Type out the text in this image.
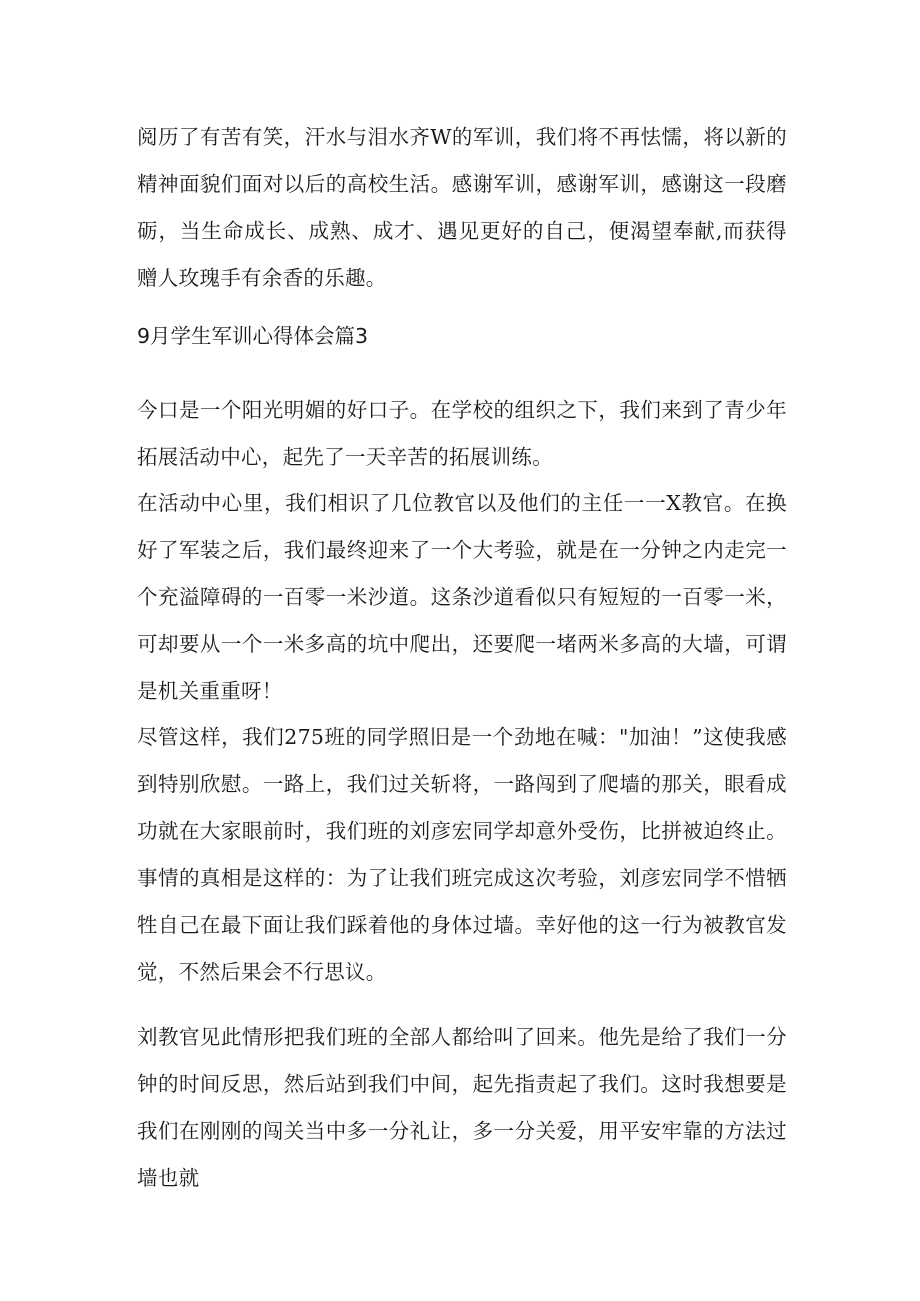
阅历了有苦有笑，汗水与泪水齐W的军训，我们将不再怯懦，将以新的精神面貌们面对以后的高校生活。感谢军训，感谢军训，感谢这一段磨砺，当生命成长、成熟、成才、遇见更好的自己，便渴望奉献,而获得赠人玫瑰手有余香的乐趣。

9月学生军训心得体会篇3

今口是一个阳光明媚的好口子。在学校的组织之下，我们来到了青少年拓展活动中心，起先了一天辛苦的拓展训练。

在活动中心里，我们相识了几位教官以及他们的主任一一X教官。在换好了军装之后，我们最终迎来了一个大考验，就是在一分钟之内走完一个充溢障碍的一百零一米沙道。这条沙道看似只有短短的一百零一米，可却要从一个一米多高的坑中爬出，还要爬一堵两米多高的大墙，可谓是机关重重呀！

尽管这样，我们275班的同学照旧是一个劲地在喊："加油！”这使我感到特别欣慰。一路上，我们过关斩将，一路闯到了爬墙的那关，眼看成功就在大家眼前时，我们班的刘彦宏同学却意外受伤，比拼被迫终止。事情的真相是这样的：为了让我们班完成这次考验，刘彦宏同学不惜牺牲自己在最下面让我们踩着他的身体过墙。幸好他的这一行为被教官发觉，不然后果会不行思议。

刘教官见此情形把我们班的全部人都给叫了回来。他先是给了我们一分钟的时间反思，然后站到我们中间，起先指责起了我们。这时我想要是我们在刚刚的闯关当中多一分礼让，多一分关爱，用平安牢靠的方法过墙也就
